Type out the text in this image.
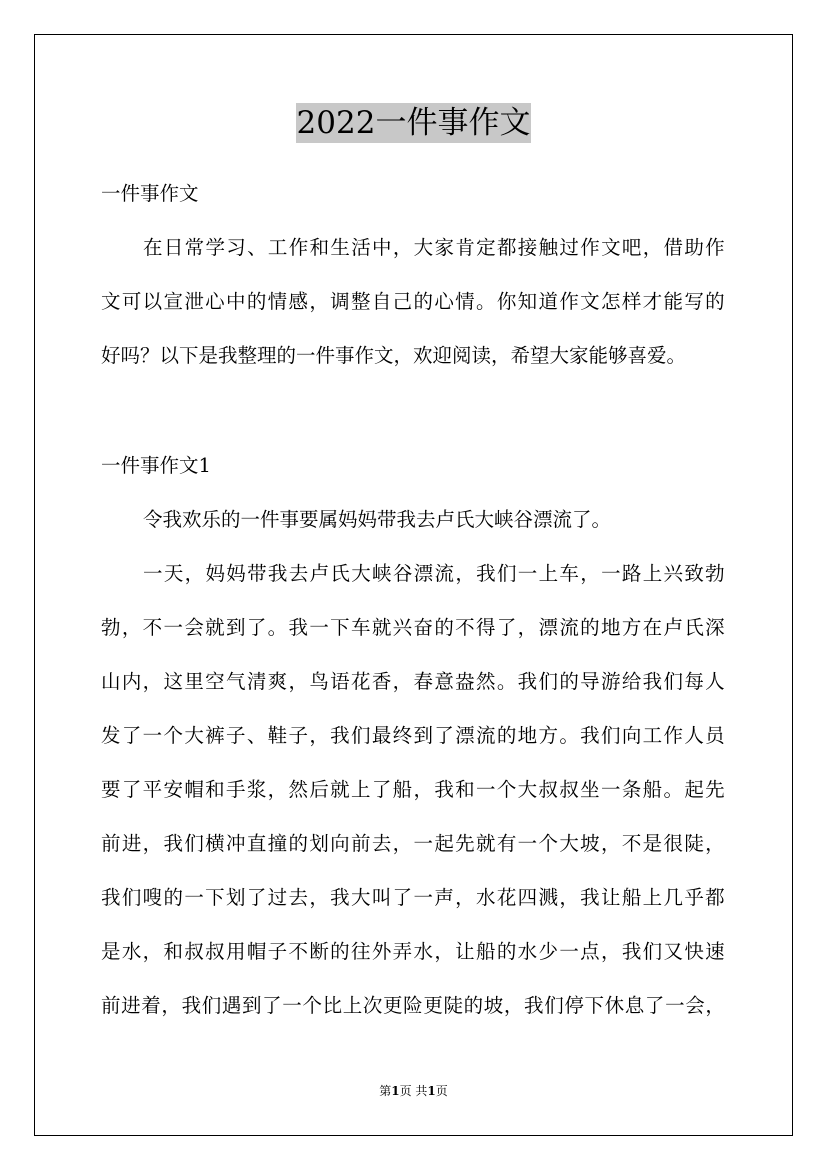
2022一件事作文
一件事作文
在日常学习、工作和生活中，大家肯定都接触过作文吧，借助作
文可以宣泄心中的情感，调整自己的心情。你知道作文怎样才能写的
好吗？以下是我整理的一件事作文，欢迎阅读，希望大家能够喜爱。
一件事作文1
令我欢乐的一件事要属妈妈带我去卢氏大峡谷漂流了。
一天，妈妈带我去卢氏大峡谷漂流，我们一上车，一路上兴致勃
勃，不一会就到了。我一下车就兴奋的不得了，漂流的地方在卢氏深
山内，这里空气清爽，鸟语花香，春意盎然。我们的导游给我们每人
发了一个大裤子、鞋子，我们最终到了漂流的地方。我们向工作人员
要了平安帽和手浆，然后就上了船，我和一个大叔叔坐一条船。起先
前进，我们横冲直撞的划向前去，一起先就有一个大坡，不是很陡，
我们嗖的一下划了过去，我大叫了一声，水花四溅，我让船上几乎都
是水，和叔叔用帽子不断的往外弄水，让船的水少一点，我们又快速
前进着，我们遇到了一个比上次更险更陡的坡，我们停下休息了一会，
第1页 共1页
